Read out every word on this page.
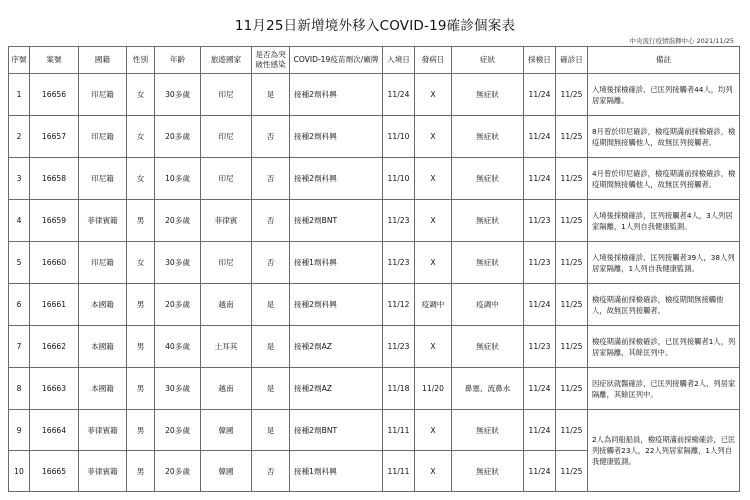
11月25日新增境外移入COVID-19確診個案表
中央流行疫情指揮中心 2021/11/25
序號	案號	國籍	性別	年齡	旅遊國家	是否為突破性感染	COVID-19疫苗劑次/廠牌	入境日	發病日	症狀	採檢日	確診日	備註
1	16656	印尼籍	女	30多歲	印尼	是	接種2劑科興	11/24	X	無症狀	11/24	11/25	入境後採檢確診，已匡列接觸者44人，均列居家隔離。
2	16657	印尼籍	女	20多歲	印尼	否	接種2劑科興	11/10	X	無症狀	11/24	11/25	8月曾於印尼確診，檢疫期滿前採檢確診，檢疫期間無接觸他人，故無匡列接觸者。
3	16658	印尼籍	女	10多歲	印尼	否	接種2劑科興	11/10	X	無症狀	11/24	11/25	4月曾於印尼確診，檢疫期滿前採檢確診，檢疫期間無接觸他人，故無匡列接觸者。
4	16659	菲律賓籍	男	20多歲	菲律賓	否	接種2劑BNT	11/23	X	無症狀	11/23	11/25	入境後採檢確診，匡列接觸者4人，3人列居家隔離，1人列自我健康監測。
5	16660	印尼籍	女	30多歲	印尼	否	接種1劑科興	11/23	X	無症狀	11/23	11/25	入境後採檢確診，匡列接觸者39人，38人列居家隔離，1人列自我健康監測。
6	16661	本國籍	男	20多歲	越南	是	接種2劑科興	11/12	疫調中	疫調中	11/24	11/25	檢疫期滿前採檢確診，檢疫期間無接觸他人，故無匡列接觸者。
7	16662	本國籍	男	40多歲	土耳其	是	接種2劑AZ	11/23	X	無症狀	11/23	11/25	檢疫期滿前採檢確診，已匡列接觸者1人，列居家隔離，其餘匡列中。
8	16663	本國籍	男	30多歲	越南	是	接種2劑AZ	11/18	11/20	鼻塞、流鼻水	11/24	11/25	因症狀就醫確診，已匡列接觸者2人，列居家隔離，其餘匡列中。
9	16664	菲律賓籍	男	20多歲	韓國	是	接種2劑BNT	11/11	X	無症狀	11/24	11/25	2人為同船船員，檢疫期滿前採檢確診，已匡列接觸者23人，22人列居家隔離，1人列自我健康監測。
10	16665	菲律賓籍	男	20多歲	韓國	否	接種1劑科興	11/11	X	無症狀	11/24	11/25	
